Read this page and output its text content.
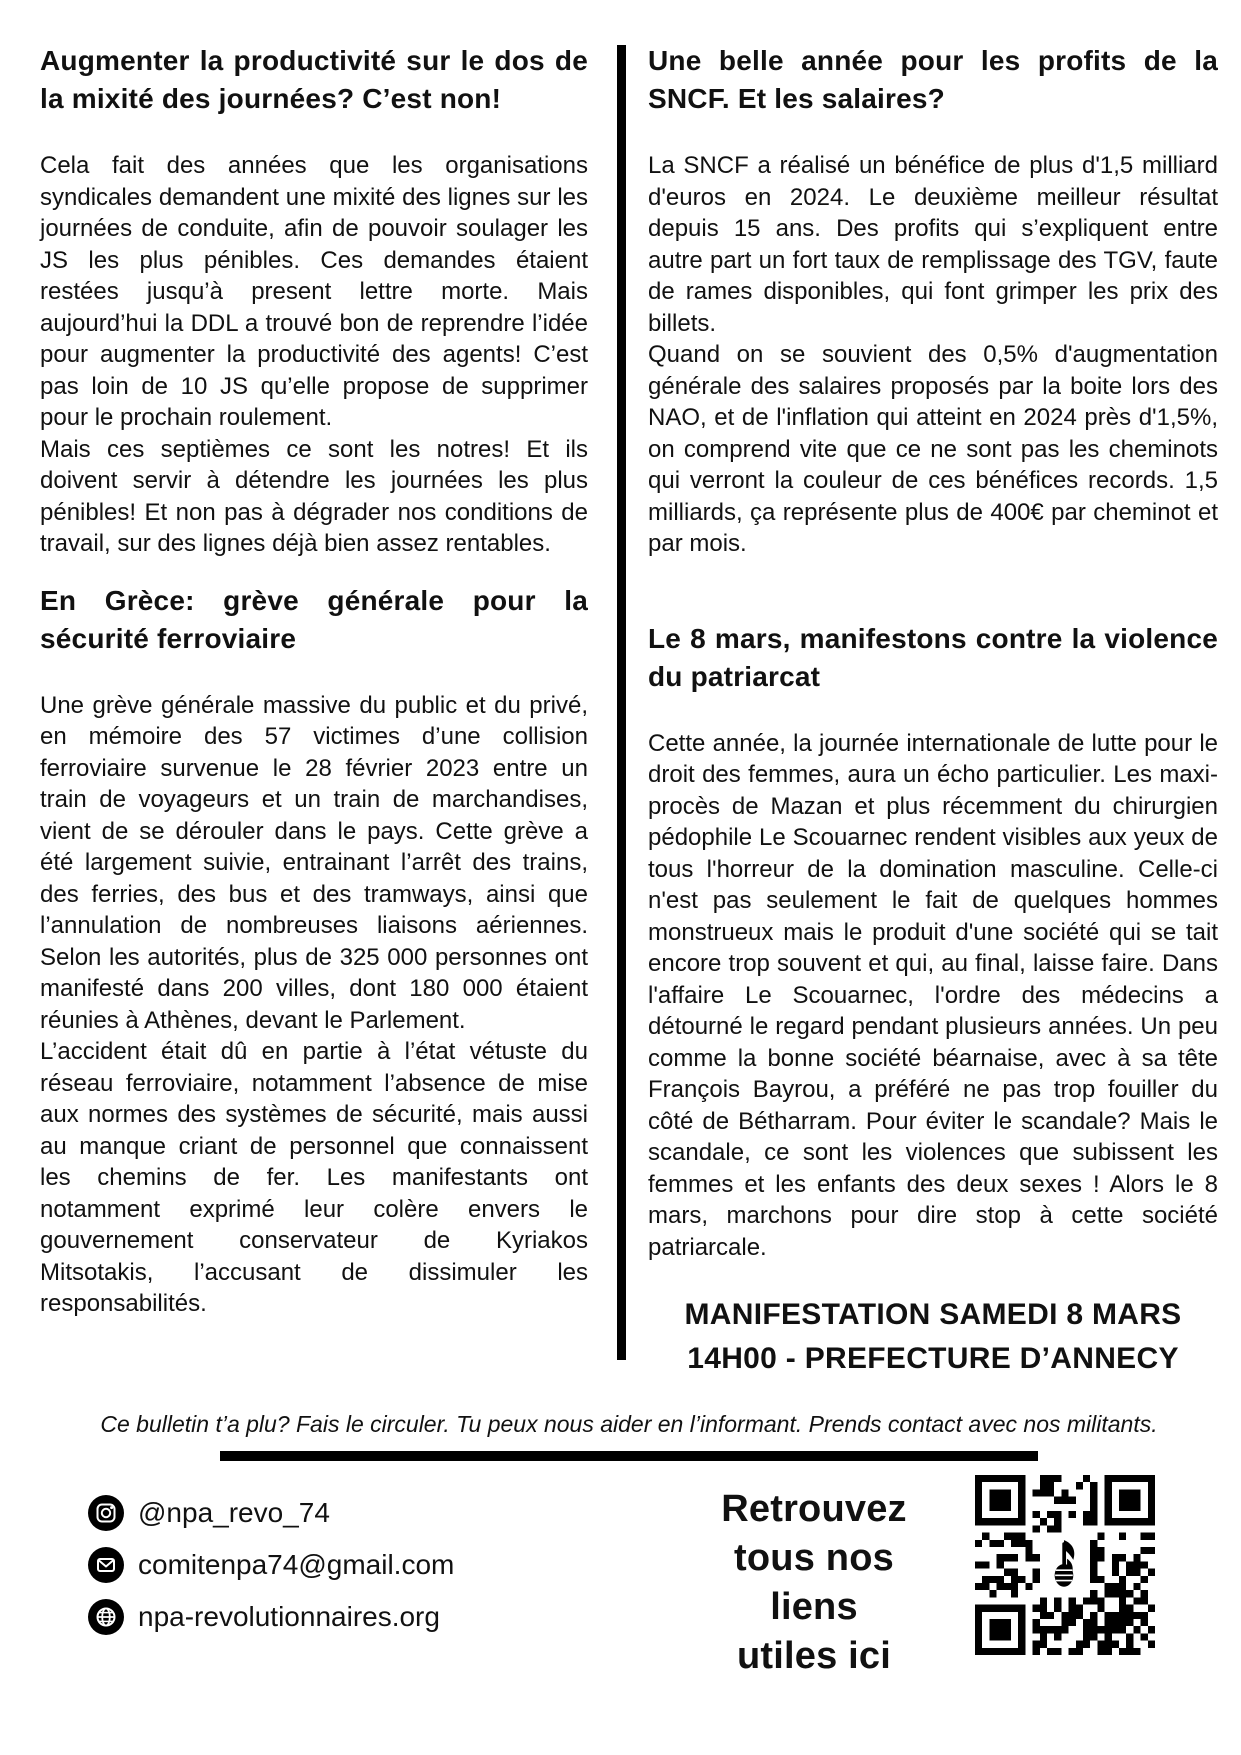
Augmenter la productivité sur le dos de la mixité des journées? C’est non!

Cela fait des années que les organisations syndicales demandent une mixité des lignes sur les journées de conduite, afin de pouvoir soulager les JS les plus pénibles. Ces demandes étaient restées jusqu’à present lettre morte. Mais aujourd’hui la DDL a trouvé bon de reprendre l’idée pour augmenter la productivité des agents! C’est pas loin de 10 JS qu’elle propose de supprimer pour le prochain roulement.

Mais ces septièmes ce sont les notres! Et ils doivent servir à détendre les journées les plus pénibles! Et non pas à dégrader nos conditions de travail, sur des lignes déjà bien assez rentables.

En Grèce: grève générale pour la sécurité ferroviaire

Une grève générale massive du public et du privé, en mémoire des 57 victimes d’une collision ferroviaire survenue le 28 février 2023 entre un train de voyageurs et un train de marchandises, vient de se dérouler dans le pays. Cette grève a été largement suivie, entrainant l’arrêt des trains, des ferries, des bus et des tramways, ainsi que l’annulation de nombreuses liaisons aériennes. Selon les autorités, plus de 325 000 personnes ont manifesté dans 200 villes, dont 180 000 étaient réunies à Athènes, devant le Parlement.

L’accident était dû en partie à l’état vétuste du réseau ferroviaire, notamment l’absence de mise aux normes des systèmes de sécurité, mais aussi au manque criant de personnel que connaissent les chemins de fer. Les manifestants ont notamment exprimé leur colère envers le gouvernement conservateur de Kyriakos Mitsotakis, l’accusant de dissimuler les responsabilités.

Une belle année pour les profits de la SNCF. Et les salaires?

La SNCF a réalisé un bénéfice de plus d'1,5 milliard d'euros en 2024. Le deuxième meilleur résultat depuis 15 ans. Des profits qui s’expliquent entre autre part un fort taux de remplissage des TGV, faute de rames disponibles, qui font grimper les prix des billets.

Quand on se souvient des 0,5% d'augmentation générale des salaires proposés par la boite lors des NAO, et de l'inflation qui atteint en 2024 près d'1,5%, on comprend vite que ce ne sont pas les cheminots qui verront la couleur de ces bénéfices records. 1,5 milliards, ça représente plus de 400€ par cheminot et par mois.

Le 8 mars, manifestons contre la violence du patriarcat

Cette année, la journée internationale de lutte pour le droit des femmes, aura un écho particulier. Les maxi-procès de Mazan et plus récemment du chirurgien pédophile Le Scouarnec rendent visibles aux yeux de tous l'horreur de la domination masculine. Celle-ci n'est pas seulement le fait de quelques hommes monstrueux mais le produit d'une société qui se tait encore trop souvent et qui, au final, laisse faire. Dans l'affaire Le Scouarnec, l'ordre des médecins a détourné le regard pendant plusieurs années. Un peu comme la bonne société béarnaise, avec à sa tête François Bayrou, a préféré ne pas trop fouiller du côté de Bétharram. Pour éviter le scandale? Mais le scandale, ce sont les violences que subissent les femmes et les enfants des deux sexes ! Alors le 8 mars, marchons pour dire stop à cette société patriarcale.

MANIFESTATION SAMEDI 8 MARS
14H00 - PREFECTURE D’ANNECY
Ce bulletin t’a plu? Fais le circuler. Tu peux nous aider en l’informant. Prends contact avec nos militants.
@npa_revo_74
comitenpa74@gmail.com
npa-revolutionnaires.org
Retrouvez
tous nos
liens
utiles ici
